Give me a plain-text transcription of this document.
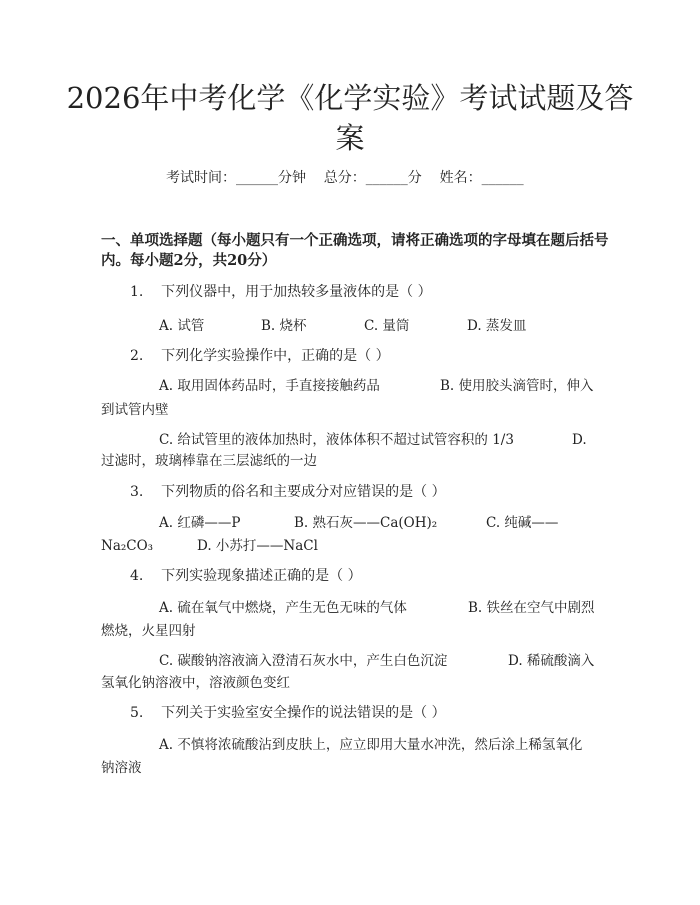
2026年中考化学《化学实验》考试试题及答
案
考试时间：______分钟    总分：______分    姓名：______
一、单项选择题（每小题只有一个正确选项，请将正确选项的字母填在题后括号
内。每小题2分，共20分）
1.    下列仪器中，用于加热较多量液体的是（ ）
A. 试管	B. 烧杯	C. 量筒	D. 蒸发皿
2.    下列化学实验操作中，正确的是（ ）
A. 取用固体药品时，手直接接触药品	B. 使用胶头滴管时，伸入
到试管内壁
C. 给试管里的液体加热时，液体体积不超过试管容积的 1/3	D.
过滤时，玻璃棒靠在三层滤纸的一边
3.    下列物质的俗名和主要成分对应错误的是（ ）
A. 红磷——P	B. 熟石灰——Ca(OH)₂	C. 纯碱——
Na₂CO₃	D. 小苏打——NaCl
4.    下列实验现象描述正确的是（ ）
A. 硫在氧气中燃烧，产生无色无味的气体	B. 铁丝在空气中剧烈
燃烧，火星四射
C. 碳酸钠溶液滴入澄清石灰水中，产生白色沉淀	D. 稀硫酸滴入
氢氧化钠溶液中，溶液颜色变红
5.    下列关于实验室安全操作的说法错误的是（ ）
A. 不慎将浓硫酸沾到皮肤上，应立即用大量水冲洗，然后涂上稀氢氧化
钠溶液
